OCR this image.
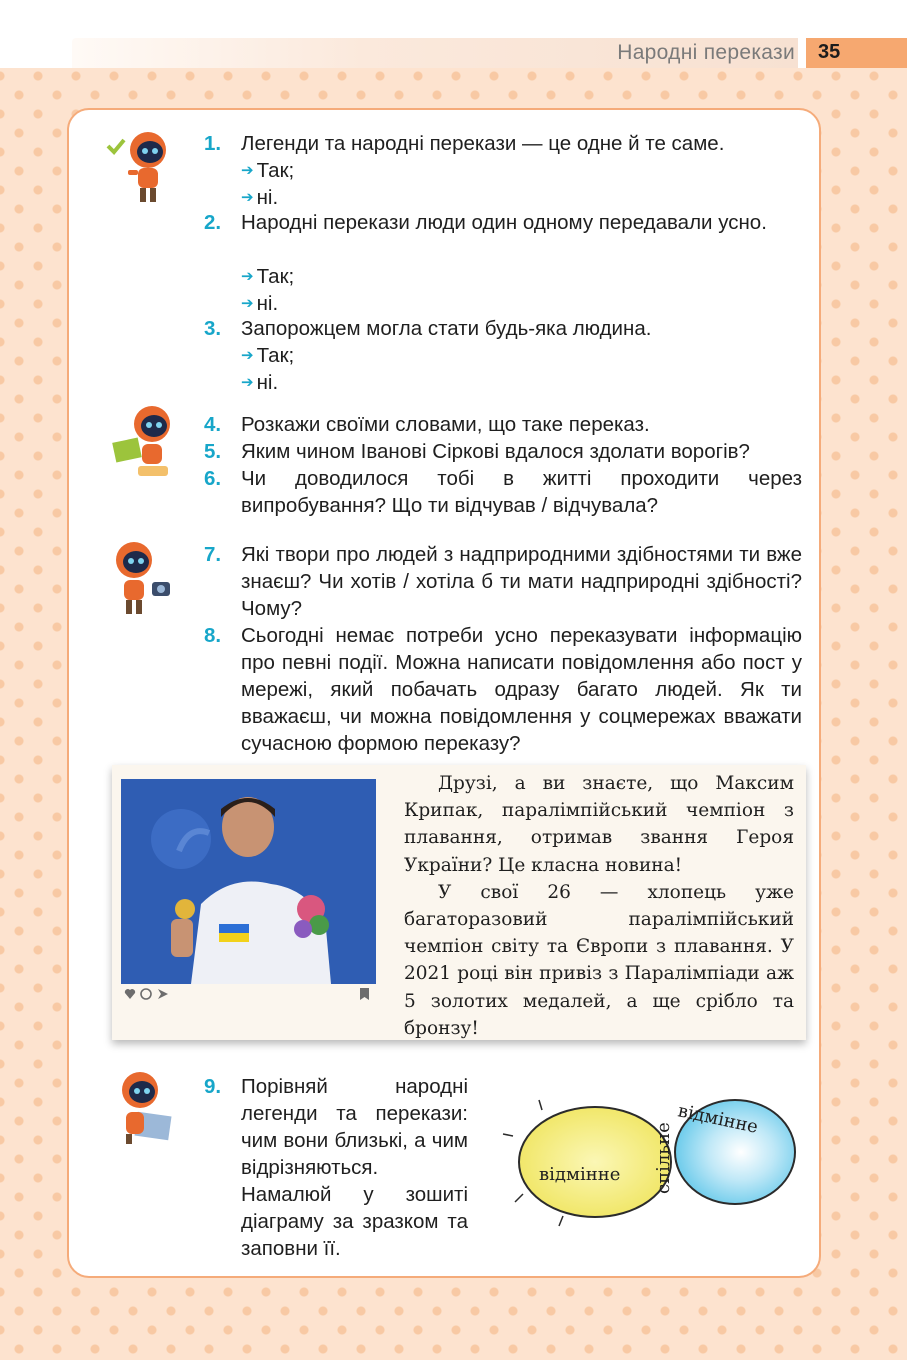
Народні перекази	35
1. Легенди та народні перекази — це одне й те саме.
➔ Так;
➔ ні.
2. Народні перекази люди один одному передавали усно.
➔ Так;
➔ ні.
3. Запорожцем могла стати будь-яка людина.
➔ Так;
➔ ні.
4. Розкажи своїми словами, що таке переказ.
5. Яким чином Іванові Сіркові вдалося здолати ворогів?
6. Чи доводилося тобі в житті проходити через випробування? Що ти відчував / відчувала?
7. Які твори про людей з надприродними здібностями ти вже знаєш? Чи хотів / хотіла б ти мати надприродні здібності? Чому?
8. Сьогодні немає потреби усно переказувати інформацію про певні події. Можна написати повідомлення або пост у мережі, який побачать одразу багато людей. Як ти вважаєш, чи можна повідомлення у соцмережах вважати сучасною формою переказу?

Друзі, а ви знаєте, що Максим Крипак, паралімпійський чемпіон з плавання, отримав звання Героя України? Це класна новина!

У свої 26 — хлопець уже багаторазовий паралімпійський чемпіон світу та Європи з плавання. У 2021 році він привіз з Паралімпіади аж 5 золотих медалей, а ще срібло та бронзу!

9. Порівняй народні легенди та перекази: чим вони близькі, а чим відрізняються. Намалюй у зошиті діаграму за зразком та заповни її.
відмінне спільне
відмінне
